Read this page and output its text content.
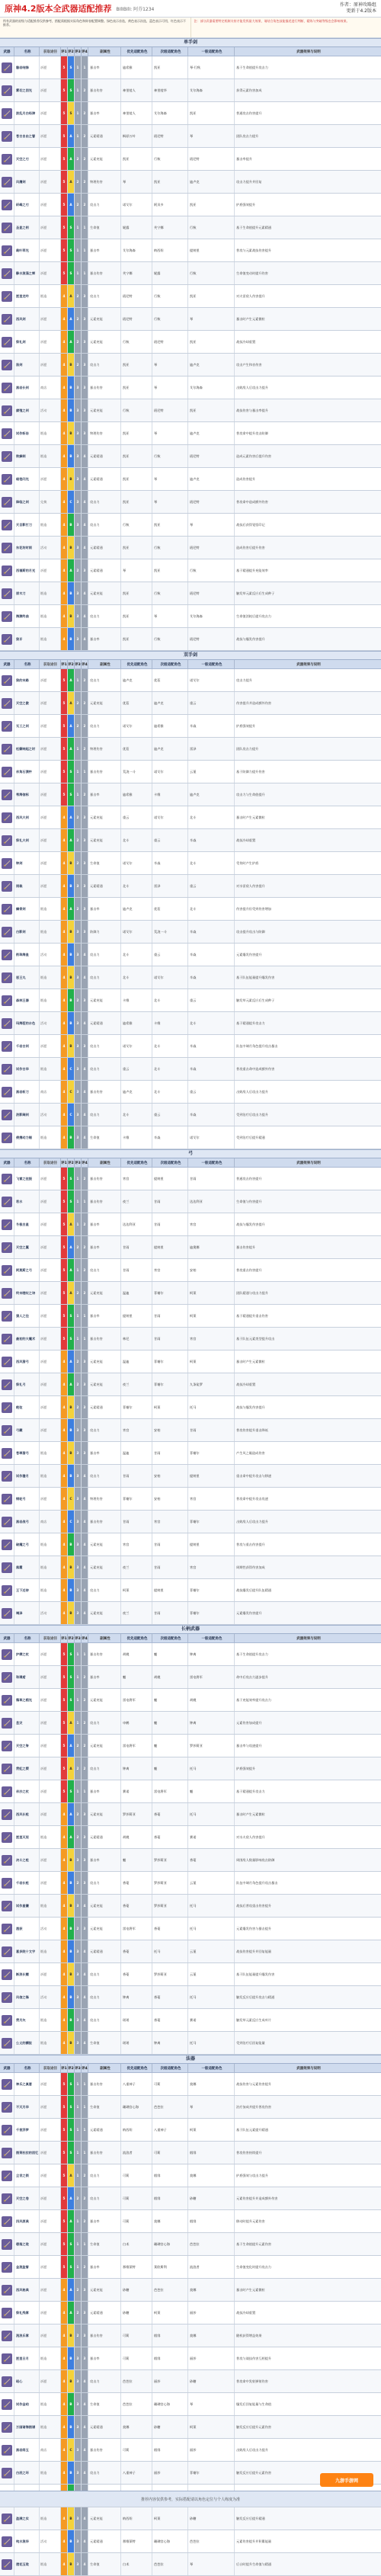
原神4.2版本全武器适配推荐 BIlIBIlI: 阿芬1234
作者：原神攻略组
更新于4.2版本
所有武器的星级与适配推荐仅供参考，搭配需根据实际角色和阵容配置调整。绿色表示首选，黄色表示次选，蓝色表示可用，红色表示不推荐。
注：部分武器需要特定机制支持才能发挥最大效果，请结合角色技能描述进行判断，精炼与突破等级也会影响效果。
单手剑
武器	名称	获取途径	评1 评2 评3 评4	副属性	优先适配角色	次级适配角色	一般适配角色	武器效果与说明
磐岩结绿	祈愿	5	S	1	1	暴击率	迪希雅	凯亚	琴·行秋	基于生命值提升攻击力
雾切之回光	祈愿	5	S	1	2	暴击伤害	神里绫人	神里绫华	艾尔海森	获得元素伤害加成
波乱月白经津	祈愿	5	S	1	2	暴击率	神里绫人	艾尔海森	凯亚	普通攻击伤害提升
苍古自由之誓	祈愿	5	A	1	2	元素精通	枫原万叶	班尼特	琴	团队攻击力提升
天空之刃	祈愿	5	A	2	2	元素充能	凯亚	行秋	班尼特	暴击率提升
风鹰剑	祈愿	5	A	2	2	物理伤害	琴	凯亚	迪卢克	攻击力提升并回复
斫峰之刃	祈愿	5	A	2	2	攻击力	诺艾尔	阿贝多	凯亚	护盾强效提升
圣显之钥	祈愿	5	S	1	1	生命值	妮露	芙宁娜	行秋	基于生命值提升元素精通
裁叶萃光	祈愿	5	S	1	1	暴击率	艾尔海森	纳西妲	提纳里	普攻与元素战技伤害提升
静水流涌之辉	祈愿	5	S	1	1	暴击伤害	芙宁娜	妮露	行秋	生命值变动时提升伤害
匣里龙吟	锻造	4	A	2	3	攻击力	班尼特	行秋	凯亚	对火雷敌人伤害提升
西风剑	祈愿	4	A	2	3	元素充能	班尼特	行秋	琴	暴击时产生元素微粒
祭礼剑	祈愿	4	A	2	3	元素充能	行秋	班尼特	凯亚	战技冷却重置
笛剑	祈愿	4	B	2	3	攻击力	凯亚	琴	迪卢克	攻击产生和音伤害
黑岩长剑	商店	4	B	3	3	暴击伤害	凯亚	琴	艾尔海森	击败敌人后攻击力提升
腐殖之剑	活动	4	B	3	3	元素充能	行秋	班尼特	凯亚	战技伤害与暴击率提升
试作斩岩	锻造	4	B	3	3	物理伤害	凯亚	琴	迪卢克	普攻命中提升攻击防御
铁蜂刺	锻造	4	B	3	4	元素精通	凯亚	行秋	班尼特	造成元素伤害后提升伤害
暗巷闪光	祈愿	4	B	3	4	元素精通	凯亚	琴	迪卢克	造成伤害提升
降临之剑	兑换	4	C	3	4	攻击力	凯亚	琴	班尼特	普攻命中造成额外伤害
天目影打刀	锻造	4	B	3	4	攻击力	行秋	凯亚	琴	战技后获得觉悟印记
东花坊时雨	活动	4	B	3	4	元素精通	凯亚	行秋	班尼特	造成伤害后提升伤害
西福斯的月光	祈愿	4	A	2	3	元素精通	琴	凯亚	行秋	基于精通提升充能效率
原木刀	锻造	4	B	3	4	元素充能	凯亚	行秋	班尼特	触发草元素反应后生成种子
海渊终曲	锻造	4	B	3	4	攻击力	凯亚	琴	艾尔海森	生命值消耗后提升攻击力
狼牙	锻造	4	B	3	4	暴击率	凯亚	行秋	班尼特	战技与爆发伤害提升
双手剑
武器	名称	获取途径	评1 评2 评3 评4	副属性	优先适配角色	次级适配角色	一般适配角色	武器效果与说明
狼的末路	祈愿	5	A	1	2	攻击力	迪卢克	优菈	诺艾尔	攻击力提升
天空之傲	祈愿	5	A	2	2	元素充能	优菈	迪卢克	重云	伤害提升并造成额外伤害
无工之剑	祈愿	5	A	2	2	攻击力	诺艾尔	迪希雅	辛焱	护盾强效提升
松籁响起之时	祈愿	5	A	1	2	物理伤害	优菈	迪卢克	雷泽	团队攻击力提升
赤角石溃杵	祈愿	5	S	1	1	暴击伤害	荒泷一斗	诺艾尔	云堇	基于防御力提升伤害
苇海信标	祈愿	5	S	1	2	暴击率	迪希雅	卡维	迪卢克	攻击力与生命值提升
西风大剑	祈愿	4	A	2	3	元素充能	重云	诺艾尔	北斗	暴击时产生元素微粒
祭礼大剑	祈愿	4	A	2	3	元素充能	北斗	重云	辛焱	战技冷却重置
钟剑	祈愿	4	B	2	3	生命值	诺艾尔	辛焱	北斗	受伤时产生护盾
雨裁	祈愿	4	B	3	3	元素精通	北斗	雷泽	重云	对水雷敌人伤害提升
螭骨剑	锻造	4	A	2	3	暴击率	迪卢克	优菈	北斗	伤害提升但受到伤害增加
白影剑	锻造	4	B	3	3	防御力	诺艾尔	荒泷一斗	辛焱	攻击提升攻击与防御
衔珠海皇	活动	4	B	3	4	攻击力	北斗	重云	辛焱	元素爆发伤害提升
恶王丸	锻造	4	B	3	4	攻击力	北斗	诺艾尔	辛焱	基于队伍能量提升爆发伤害
森林王器	锻造	4	B	2	3	元素充能	卡维	北斗	重云	触发草元素反应后生成种子
玛海菈的水色	活动	4	B	3	4	元素精通	迪希雅	卡维	北斗	基于精通提升攻击力
千岩古剑	祈愿	4	B	3	3	攻击力	诺艾尔	北斗	辛焱	队伍中璃月角色提升攻击暴击
试作古华	锻造	4	C	3	4	攻击力	重云	北斗	辛焱	普攻重击命中造成额外伤害
黑岩斩刀	商店	4	C	3	4	暴击伤害	迪卢克	北斗	重云	击败敌人后攻击力提升
浪影阔剑	活动	4	C	3	4	攻击力	北斗	重云	辛焱	受到治疗后攻击力提升
便携动力锯	锻造	4	B	3	4	生命值	卡维	辛焱	诺艾尔	受到治疗后提升精通
弓
武器	名称	获取途径	评1 评2 评3 评4	副属性	优先适配角色	次级适配角色	一般适配角色	武器效果与说明
飞雷之弦振	祈愿	5	S	1	2	暴击伤害	宵宫	提纳里	甘雨	普通攻击伤害提升
若水	祈愿	5	S	1	1	暴击伤害	夜兰	甘雨	达达利亚	生命值与伤害提升
冬极白星	祈愿	5	A	1	2	暴击率	达达利亚	甘雨	宵宫	战技与爆发伤害提升
天空之翼	祈愿	5	A	2	2	暴击率	甘雨	提纳里	迪奥娜	暴击伤害提升
阿莫斯之弓	祈愿	5	A	1	2	攻击力	甘雨	宵宫	安柏	普攻重击伤害提升
终末嗟叹之诗	祈愿	5	A	2	2	元素充能	温迪	菲谢尔	柯莱	团队精通与攻击力提升
猎人之径	祈愿	5	S	1	1	暴击率	提纳里	甘雨	柯莱	基于精通提升重击伤害
最初的大魔术	祈愿	5	S	1	1	暴击伤害	林尼	甘雨	宵宫	基于队伍元素类型提升攻击
西风猎弓	祈愿	4	A	2	3	元素充能	温迪	菲谢尔	柯莱	暴击时产生元素微粒
祭礼弓	祈愿	4	A	2	3	元素充能	夜兰	菲谢尔	九条裟罗	战技冷却重置
绝弦	祈愿	4	B	2	3	元素精通	菲谢尔	柯莱	托马	战技与爆发伤害提升
弓藏	祈愿	4	B	3	3	攻击力	宵宫	安柏	甘雨	普攻伤害提升重击降低
苍翠猎弓	锻造	4	B	3	3	暴击率	温迪	甘雨	菲谢尔	产生风之眼造成伤害
试作澹月	锻造	4	B	3	4	攻击力	甘雨	安柏	提纳里	重击命中提升攻击与移速
钢轮弓	祈愿	4	C	3	4	物理伤害	菲谢尔	安柏	宵宫	普攻命中提升攻击攻速
黑岩战弓	商店	4	C	3	4	暴击伤害	甘雨	宵宫	菲谢尔	击败敌人后攻击力提升
破魔之弓	锻造	4	B	3	4	元素充能	宵宫	甘雨	提纳里	普攻与重击伤害提升
落霞	锻造	4	B	3	4	元素充能	夜兰	甘雨	宵宫	周期性获得伤害加成
王下近侍	锻造	4	B	3	4	攻击力	柯莱	提纳里	菲谢尔	战技爆发后提升队伍精通
竭泽	活动	4	B	3	4	元素充能	夜兰	甘雨	菲谢尔	元素爆发伤害提升
长柄武器
武器	名称	获取途径	评1 评2 评3 评4	副属性	优先适配角色	次级适配角色	一般适配角色	武器效果与说明
护摩之杖	祈愿	5	S	1	1	暴击伤害	胡桃	魈	钟离	基于生命值提升攻击力
和璞鸢	祈愿	5	S	1	2	暴击率	魈	胡桃	雷电将军	命中后攻击力逐步提升
薙草之稻光	祈愿	5	S	1	2	元素充能	雷电将军	魈	胡桃	基于充能效率提升攻击力
息灾	祈愿	5	A	1	2	攻击力	申鹤	魈	钟离	元素伤害加成提升
天空之脊	祈愿	5	A	2	2	元素充能	雷电将军	魈	罗莎莉亚	暴击率与攻速提升
贯虹之槊	祈愿	5	A	2	2	攻击力	钟离	魈	托马	护盾强效提升
赤沙之杖	祈愿	5	S	1	1	暴击率	赛诺	雷电将军	魈	基于精通提升攻击力
西风长枪	祈愿	4	A	2	3	元素充能	罗莎莉亚	香菱	托马	暴击时产生元素微粒
匣里灭辰	锻造	4	A	2	3	元素精通	胡桃	香菱	赛诺	对水火敌人伤害提升
决斗之枪	祈愿	4	B	3	3	暴击率	魈	罗莎莉亚	香菱	周围敌人数量影响攻击防御
千岩长枪	祈愿	4	B	2	3	攻击力	香菱	罗莎莉亚	云堇	队伍中璃月角色提升攻击暴击
试作星镰	锻造	4	B	3	4	元素充能	香菱	罗莎莉亚	托马	战技后普攻重击伤害提升
渔获	活动	4	B	2	3	元素充能	雷电将军	香菱	托马	元素爆发伤害与暴击提升
喜多院十文字	锻造	4	B	3	4	元素精通	香菱	托马	云堇	战技伤害提升并回复能量
断浪长鳍	祈愿	4	B	3	4	攻击力	香菱	罗莎莉亚	云堇	基于队伍能量提升爆发伤害
风信之锋	活动	4	B	3	4	攻击力	钟离	香菱	托马	触发反应后提升攻击与精通
贯月矢	锻造	4	B	3	4	攻击力	瑶瑶	香菱	赛诺	触发草元素反应生成叶片
公义的酬报	锻造	4	B	3	4	生命值	瑶瑶	钟离	托马	受到治疗后回复能量
法器
武器	名称	获取途径	评1 评2 评3 评4	副属性	优先适配角色	次级适配角色	一般适配角色	武器效果与说明
神乐之真意	祈愿	5	S	1	1	暴击伤害	八重神子	可莉	莫娜	战技伤害与元素伤害提升
不灭月华	祈愿	5	S	1	1	生命值	珊瑚宫心海	芭芭拉	琴	治疗加成并提升普攻伤害
千夜浮梦	祈愿	5	S	1	1	元素精通	纳西妲	八重神子	柯莱	基于队伍元素提升精通
图莱杜拉的回忆 祈愿	5	S	1	1	暴击伤害	流浪者	可莉	烟绯	普攻伤害持续提升
尘世之锁	祈愿	5	A	1	2	攻击力	可莉	烟绯	莫娜	护盾强效与攻击力提升
天空之卷	祈愿	5	A	2	2	攻击力	可莉	烟绯	砂糖	元素伤害提升并造成额外伤害
四风原典	祈愿	5	A	1	2	暴击率	可莉	莫娜	烟绯	移动时提升元素伤害
碧落之珑	祈愿	5	S	1	1	生命值	白术	珊瑚宫心海	芭芭拉	基于生命值提升元素伤害
金流监督	祈愿	5	S	1	2	暴击率	那维莱特	莱欧斯利	流浪者	生命值变化时提升攻击力
西风秘典	祈愿	4	A	2	3	元素充能	砂糖	芭芭拉	莫娜	暴击时产生元素微粒
祭礼残章	祈愿	4	A	2	3	元素精通	砂糖	柯莱	丽莎	战技冷却重置
流浪乐章	祈愿	4	B	2	3	暴击伤害	可莉	烟绯	莫娜	随机获得增益效果
匣里日月	锻造	4	B	3	3	暴击率	可莉	烟绯	丽莎	普攻与战技伤害互相提升
昭心	祈愿	4	B	3	4	攻击力	芭芭拉	丽莎	砂糖	普攻命中发射弹射伤害
试作金珀	锻造	4	B	3	4	生命值	芭芭拉	珊瑚宫心海	琴	爆发后回复能量与生命值
万国诸海图谱	锻造	4	B	3	4	元素精通	莫娜	砂糖	柯莱	触发反应后提升元素伤害
黑岩绯玉	商店	4	C	3	4	暴击伤害	可莉	烟绯	丽莎	击败敌人后攻击力提升
白辰之环	锻造	4	B	3	4	攻击力	八重神子	丽莎	菲谢尔	触发反应后提升元素伤害
盈满之实	锻造	4	B	3	4	元素充能	纳西妲	柯莱	砂糖	触发反应后提升精通
纯水流华	活动	4	B	3	4	元素精通	那维莱特	珊瑚宫心海	芭芭拉	元素伤害提升并积累能量
遗祀玉珑	锻造	4	B	3	4	生命值	白术	芭芭拉	琴	后台时提升生命值与精通
九游手游网
推荐内容仅供参考，实际搭配请以角色定位与个人练度为准
